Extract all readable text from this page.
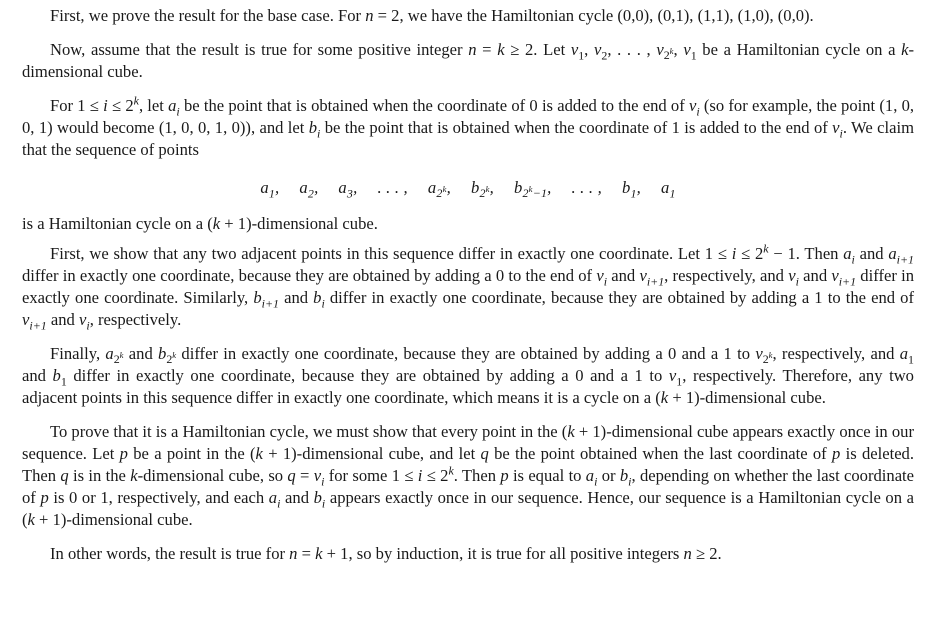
First, we prove the result for the base case. For n = 2, we have the Hamiltonian cycle (0,0), (0,1), (1,1), (1,0), (0,0).

Now, assume that the result is true for some positive integer n = k ≥ 2. Let $v_1$, $v_2$, . . . , $v_{2^k}$, $v_1$ be a Hamiltonian cycle on a k-dimensional cube.

For $1 \le i \le 2^k$, let $a_i$ be the point that is obtained when the coordinate of 0 is added to the end of $v_i$ (so for example, the point (1, 0, 0, 1) would become (1, 0, 0, 1, 0)), and let $b_i$ be the point that is obtained when the coordinate of 1 is added to the end of $v_i$. We claim that the sequence of points

$a_1$, $a_2$, $a_3$, . . . , $a_{2^k}$, $b_{2^k}$, $b_{2^k-1}$, . . . , $b_1$, $a_1$

is a Hamiltonian cycle on a (k + 1)-dimensional cube.

First, we show that any two adjacent points in this sequence differ in exactly one coordinate. Let $1 \le i \le 2^k - 1$. Then $a_i$ and $a_{i+1}$ differ in exactly one coordinate, because they are obtained by adding a 0 to the end of $v_i$ and $v_{i+1}$, respectively, and $v_i$ and $v_{i+1}$ differ in exactly one coordinate. Similarly, $b_{i+1}$ and $b_i$ differ in exactly one coordinate, because they are obtained by adding a 1 to the end of $v_{i+1}$ and $v_i$, respectively.

Finally, $a_{2^k}$ and $b_{2^k}$ differ in exactly one coordinate, because they are obtained by adding a 0 and a 1 to $v_{2^k}$, respectively, and $a_1$ and $b_1$ differ in exactly one coordinate, because they are obtained by adding a 0 and a 1 to $v_1$, respectively. Therefore, any two adjacent points in this sequence differ in exactly one coordinate, which means it is a cycle on a (k + 1)-dimensional cube.

To prove that it is a Hamiltonian cycle, we must show that every point in the (k + 1)-dimensional cube appears exactly once in our sequence. Let p be a point in the (k + 1)-dimensional cube, and let q be the point obtained when the last coordinate of p is deleted. Then q is in the k-dimensional cube, so $q = v_i$ for some $1 \le i \le 2^k$. Then p is equal to $a_i$ or $b_i$, depending on whether the last coordinate of p is 0 or 1, respectively, and each $a_i$ and $b_i$ appears exactly once in our sequence. Hence, our sequence is a Hamiltonian cycle on a (k + 1)-dimensional cube.

In other words, the result is true for n = k + 1, so by induction, it is true for all positive integers n ≥ 2.
